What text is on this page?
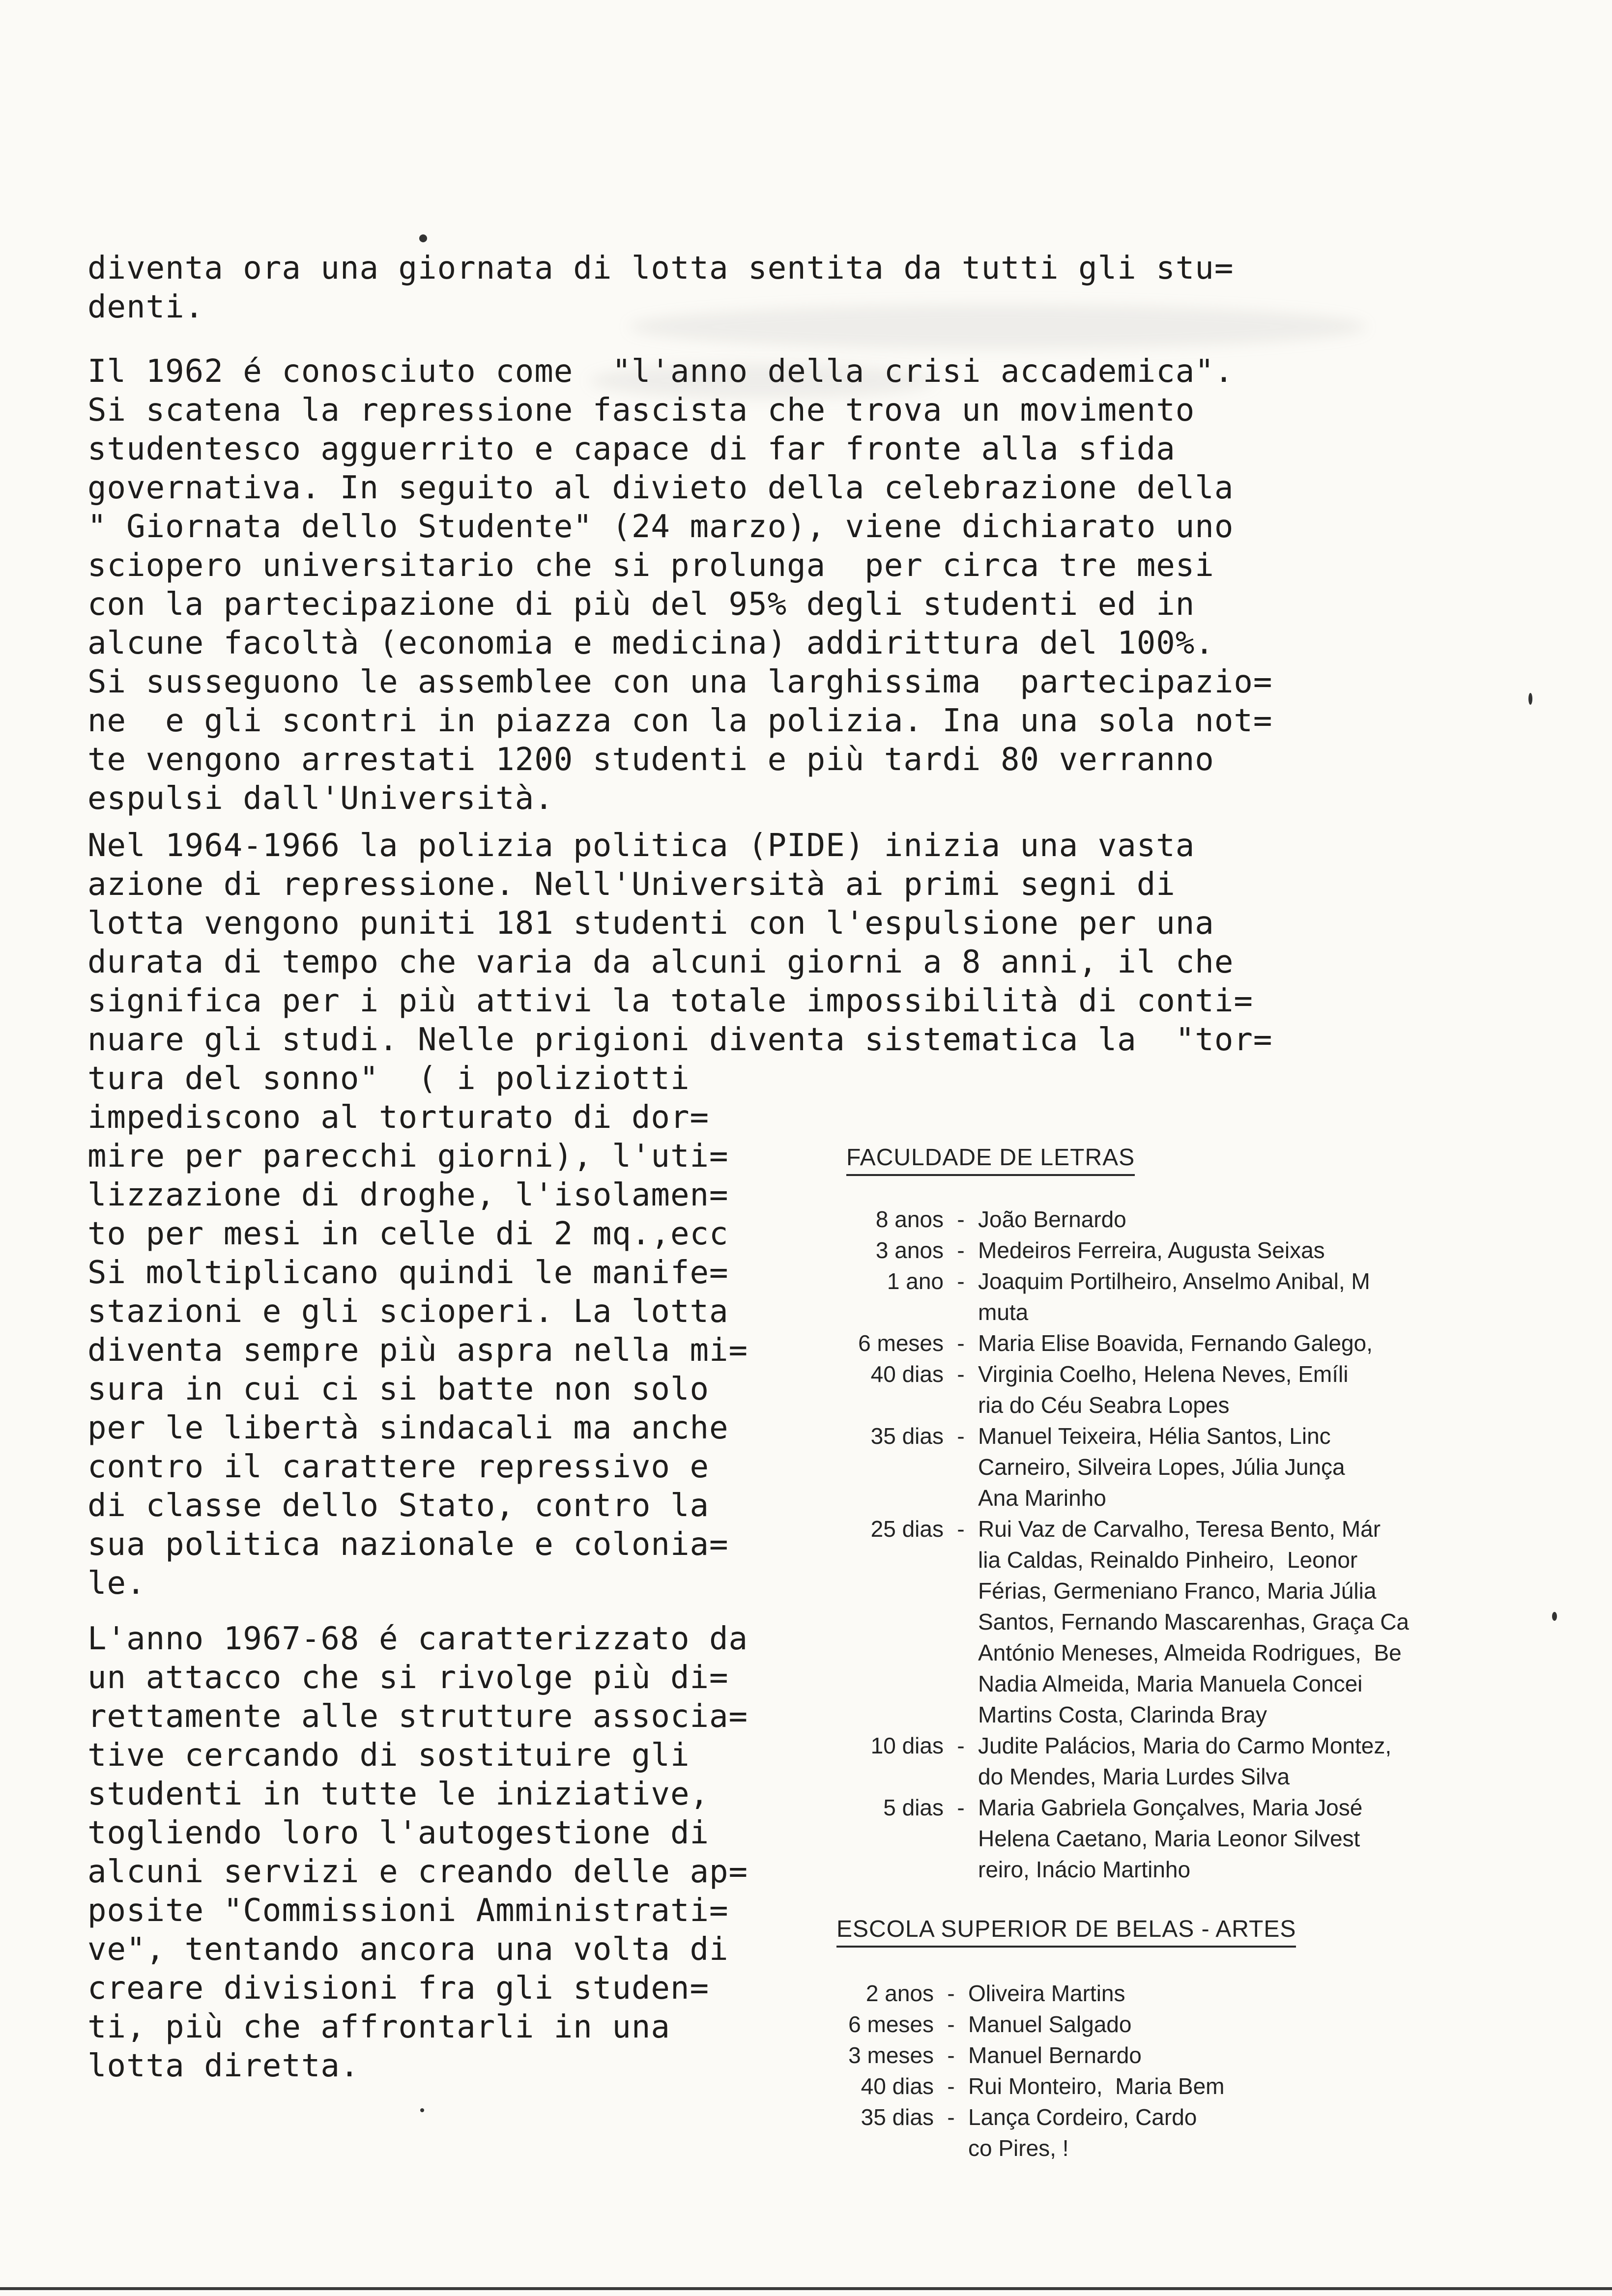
diventa ora una giornata di lotta sentita da tutti gli stu=
denti.
Il 1962 é conosciuto come  "l'anno della crisi accademica".
Si scatena la repressione fascista che trova un movimento
studentesco agguerrito e capace di far fronte alla sfida
governativa. In seguito al divieto della celebrazione della
" Giornata dello Studente" (24 marzo), viene dichiarato uno
sciopero universitario che si prolunga  per circa tre mesi
con la partecipazione di più del 95% degli studenti ed in
alcune facoltà (economia e medicina) addirittura del 100%.
Si susseguono le assemblee con una larghissima  partecipazio=
ne  e gli scontri in piazza con la polizia. Ina una sola not=
te vengono arrestati 1200 studenti e più tardi 80 verranno
espulsi dall'Università.
Nel 1964-1966 la polizia politica (PIDE) inizia una vasta
azione di repressione. Nell'Università ai primi segni di
lotta vengono puniti 181 studenti con l'espulsione per una
durata di tempo che varia da alcuni giorni a 8 anni, il che
significa per i più attivi la totale impossibilità di conti=
nuare gli studi. Nelle prigioni diventa sistematica la  "tor=
tura del sonno"  ( i poliziotti
impediscono al torturato di dor=
mire per parecchi giorni), l'uti=
lizzazione di droghe, l'isolamen=
to per mesi in celle di 2 mq.,ecc
Si moltiplicano quindi le manife=
stazioni e gli scioperi. La lotta
diventa sempre più aspra nella mi=
sura in cui ci si batte non solo
per le libertà sindacali ma anche
contro il carattere repressivo e
di classe dello Stato, contro la
sua politica nazionale e colonia=
le.
L'anno 1967-68 é caratterizzato da
un attacco che si rivolge più di=
rettamente alle strutture associa=
tive cercando di sostituire gli
studenti in tutte le iniziative,
togliendo loro l'autogestione di
alcuni servizi e creando delle ap=
posite "Commissioni Amministrati=
ve", tentando ancora una volta di
creare divisioni fra gli studen=
ti, più che affrontarli in una
lotta diretta.
FACULDADE DE LETRAS
8 anos - João Bernardo
3 anos - Medeiros Ferreira, Augusta Seixas
1 ano - Joaquim Portilheiro, Anselmo Anibal, M
muta
6 meses - Maria Elise Boavida, Fernando Galego,
40 dias - Virginia Coelho, Helena Neves, Emíli
ria do Céu Seabra Lopes
35 dias - Manuel Teixeira, Hélia Santos, Linc
Carneiro, Silveira Lopes, Júlia Junça
Ana Marinho
25 dias - Rui Vaz de Carvalho, Teresa Bento, Már
lia Caldas, Reinaldo Pinheiro,  Leonor
Férias, Germeniano Franco, Maria Júlia
Santos, Fernando Mascarenhas, Graça Ca
António Meneses, Almeida Rodrigues,  Be
Nadia Almeida, Maria Manuela Concei
Martins Costa, Clarinda Bray
10 dias - Judite Palácios, Maria do Carmo Montez,
do Mendes, Maria Lurdes Silva
5 dias - Maria Gabriela Gonçalves, Maria José
Helena Caetano, Maria Leonor Silvest
reiro, Inácio Martinho
ESCOLA SUPERIOR DE BELAS - ARTES
2 anos - Oliveira Martins
6 meses - Manuel Salgado
3 meses - Manuel Bernardo
40 dias - Rui Monteiro,  Maria Bem
35 dias - Lança Cordeiro, Cardo
co Pires, !
